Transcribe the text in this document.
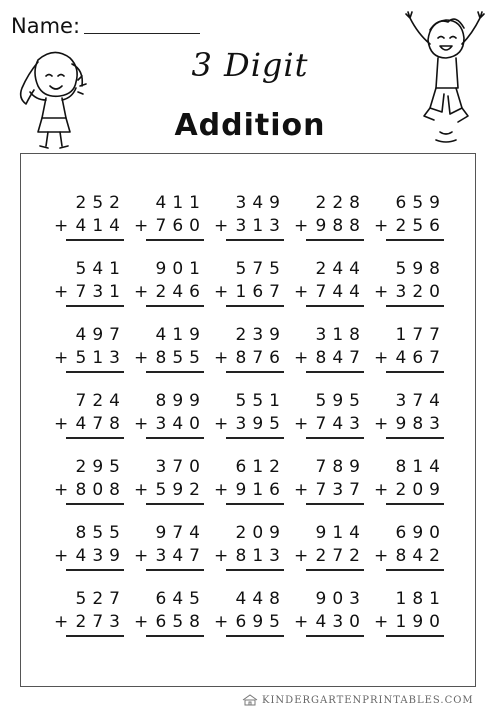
Name:
3 Digit
Addition
252
+ 414
411
+ 760
349
+ 313
228
+ 988
659
+ 256
541
+ 731
901
+ 246
575
+ 167
244
+ 744
598
+ 320
497
+ 513
419
+ 855
239
+ 876
318
+ 847
177
+ 467
724
+ 478
899
+ 340
551
+ 395
595
+ 743
374
+ 983
295
+ 808
370
+ 592
612
+ 916
789
+ 737
814
+ 209
855
+ 439
974
+ 347
209
+ 813
914
+ 272
690
+ 842
527
+ 273
645
+ 658
448
+ 695
903
+ 430
181
+ 190
KINDERGARTENPRINTABLES.COM
